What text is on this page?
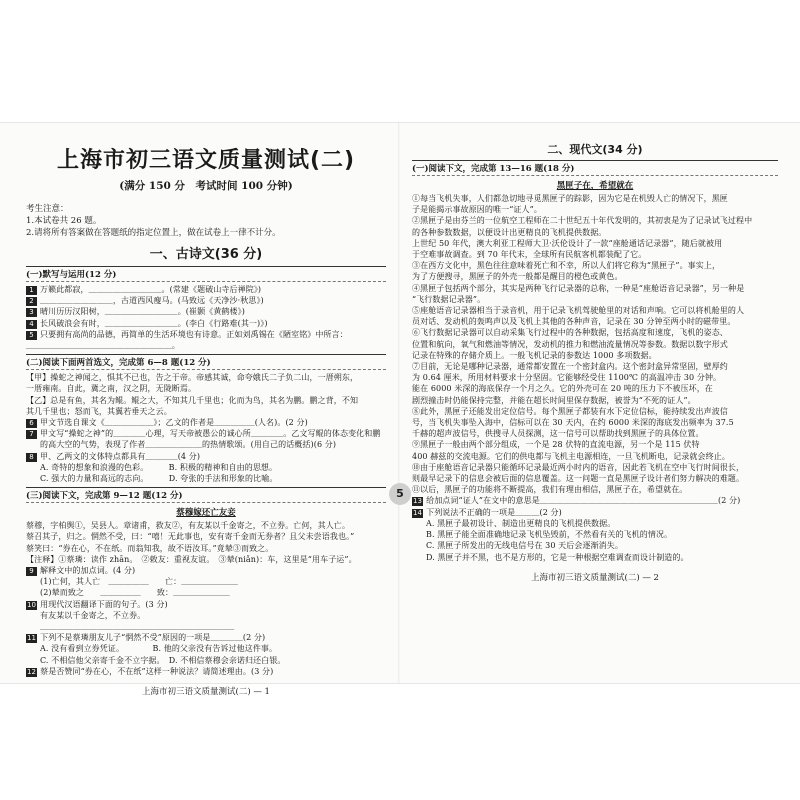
上海市初三语文质量测试(二)
(满分 150 分　考试时间 100 分钟)
考生注意：
1.本试卷共 26 题。
2.请将所有答案做在答题纸的指定位置上，做在试卷上一律不计分。
一、古诗文(36 分)
(一)默写与运用(12 分)
1 万籁此都寂，＿＿＿＿＿＿＿＿＿。(常建《题破山寺后禅院》)
2 ＿＿＿＿＿＿＿＿＿，古道西风瘦马。(马致远《天净沙·秋思》)
3 晴川历历汉阳树，＿＿＿＿＿＿＿＿＿。(崔颢《黄鹤楼》)
4 长风破浪会有时，＿＿＿＿＿＿＿＿＿。(李白《行路难(其一)》)
5 只要拥有高尚的品德，再简单的生活环境也有诗意。正如刘禹锡在《陋室铭》中所言：
＿＿＿＿＿＿＿＿＿＿＿＿＿＿＿＿＿＿。
(二)阅读下面两首选文，完成第 6—8 题(12 分)
【甲】操蛇之神闻之，惧其不已也，告之于帝。帝感其诚，命夸娥氏二子负二山，一厝朔东，
一厝雍南。自此，冀之南，汉之阴，无陇断焉。
【乙】总是有鱼，其名为鲲。鲲之大，不知其几千里也；化而为鸟，其名为鹏。鹏之背，不知
其几千里也；怒而飞，其翼若垂天之云。
6 甲文节选自课文《＿＿＿＿＿＿》；乙文的作者是＿＿＿＿＿(人名)。(2 分)
7 甲文写“操蛇之神”的＿＿＿＿心理，写天帝被愚公的诚心所＿＿＿＿。乙文写鲲的体态变化和鹏
的高大空的气势，表现了作者＿＿＿＿＿＿＿的热情歌颂。(用自己的话概括)(6 分)
8 甲、乙两文的文体特点都具有＿＿＿＿(4 分)
A. 奇特的想象和浪漫的色彩。　　　B. 积极的精神和自由的思想。
C. 强大的力量和高远的志向。　　　D. 夸张的手法和形象的比喻。
(三)阅读下文，完成第 9—12 题(12 分)
蔡穆嫁还亡友妾
蔡穆，字柏舆①，吴县人。章诸甫，救友②，有友某以千金寄之，不立券。亡何，其人亡。
蔡召其子，归之。惘然不受，曰：“嘻！无此事也，安有寄千金而无券者？且父未尝语我也。”
蔡笑曰：“券在心，不在纸。而翁知我，故不语汝耳。”竟辇③而致之。
【注释】①蔡璘：读作 zhān。　②敕友：重视友谊。　③辇(niǎn)：车，这里是“用车子运”。
9 解释文中的加点词。(4 分)
(1)亡何，其人亡　＿＿＿＿＿　　亡：＿＿＿＿＿＿＿
(2)辇而致之　　＿＿＿＿＿　　致：＿＿＿＿＿＿＿
10 用现代汉语翻译下面的句子。(3 分)
有友某以千金寄之，不立券。
＿＿＿＿＿＿＿＿＿＿＿＿＿＿＿＿＿＿＿＿＿＿＿＿
11 下列不是蔡璘朋友儿子“惘然不受”原因的一项是＿＿＿＿(2 分)
A. 没有看到立券凭证。　　　　B. 他的父亲没有告诉过他这件事。
C. 不相信他父亲寄千金不立字据。　D. 不相信蔡穆会亲诺归还白银。
12 蔡是否赞同“券在心，不在纸”这样一种说法？请简述理由。(3 分)
上海市初三语文质量测试(二) — 1
二、现代文(34 分)
(一)阅读下文，完成第 13—16 题(18 分)
黑匣子在，希望就在
①每当飞机失事，人们都急切地寻觅黑匣子的踪影，因为它是在机毁人亡的情况下，黑匣
子是能揭示事故原因的唯一“证人”。
②黑匣子是由芬兰的一位航空工程师在二十世纪五十年代发明的，其初衷是为了记录试飞过程中
的各种参数数据，以便设计出更精良的飞机提供数据。
上世纪 50 年代，澳大利亚工程师大卫·沃伦设计了一款“座舱通话记录器”，随后就被用
于空难事故调查。到 70 年代末，全球所有民航客机都装配了它。
③在西方文化中，黑色往往意味着死亡和不幸，所以人们将它称为“黑匣子”。事实上，
为了方便搜寻，黑匣子的外壳一般都是醒目的橙色或黄色。
④黑匣子包括两个部分，其实是两种飞行记录器的总称，一种是“座舱语音记录器”，另一种是
“飞行数据记录器”。
⑤座舱语音记录器相当于录音机，用于记录飞机驾驶舱里的对话和声响。它可以将机舱里的人
员对话、发动机的轰鸣声以及飞机上其他的各种声音，记录在 30 分钟至两小时的磁带里。
⑥飞行数据记录器可以自动采集飞行过程中的各种数据，包括高度和速度，飞机的姿态、
位置和航向，氧气和燃油等情况，发动机的推力和燃油流量情况等参数。数据以数字形式
记录在特殊的存储介质上。一般飞机记录的参数达 1000 多项数据。
⑦目前，无论是哪种记录器，通常都安置在一个密封盒内。这个密封盒异常坚固，壁厚约
为 0.64 厘米，所用材料要求十分坚固。它能够经受住 1100℃ 的高温冲击 30 分钟。
能在 6000 米深的海底保存一个月之久。它的外壳可在 20 吨的压力下不被压坏，在
剧烈撞击时仍能保持完整，并能在超长时间里保存数据，被誉为“不死的证人”。
⑧此外，黑匣子还能发出定位信号。每个黑匣子都装有水下定位信标，能持续发出声波信
号，当飞机失事坠入海中，信标可以在 30 天内，在约 6000 米深的海底发出频率为 37.5
千赫的超声波信号，供搜寻人员探测，这一信号可以帮助找到黑匣子的具体位置。
⑨黑匣子一般由两个部分组成，一个是 28 伏特的直流电源，另一个是 115 伏特
400 赫兹的交流电源。它们的供电都与飞机主电源相连，一旦飞机断电，记录就会终止。
⑩由于座舱语音记录器只能循环记录最近两小时内的语音，因此若飞机在空中飞行时间很长，
则最早记录下的信息会被后面的信息覆盖。这一问题一直是黑匣子设计者们努力解决的难题。
⑪以后，黑匣子的功能将不断提高，我们有理由相信，黑匣子在，希望就在。
13 给加点词“证人”在文中的意思是＿＿＿＿＿＿＿＿＿＿＿＿＿＿＿＿＿＿＿＿＿＿(2 分)
14 下列说法不正确的一项是＿＿＿(2 分)
A. 黑匣子最初设计、制造出更精良的飞机提供数据。
B. 黑匣子能全面准确地记录飞机坠毁前，不然看有关的飞机的情况。
C. 黑匣子所发出的无线电信号在 30 天后会逐渐消失。
D. 黑匣子并不黑，也不是方形的，它是一种根据空难调查而设计制造的。
上海市初三语文质量测试(二) — 2
5
